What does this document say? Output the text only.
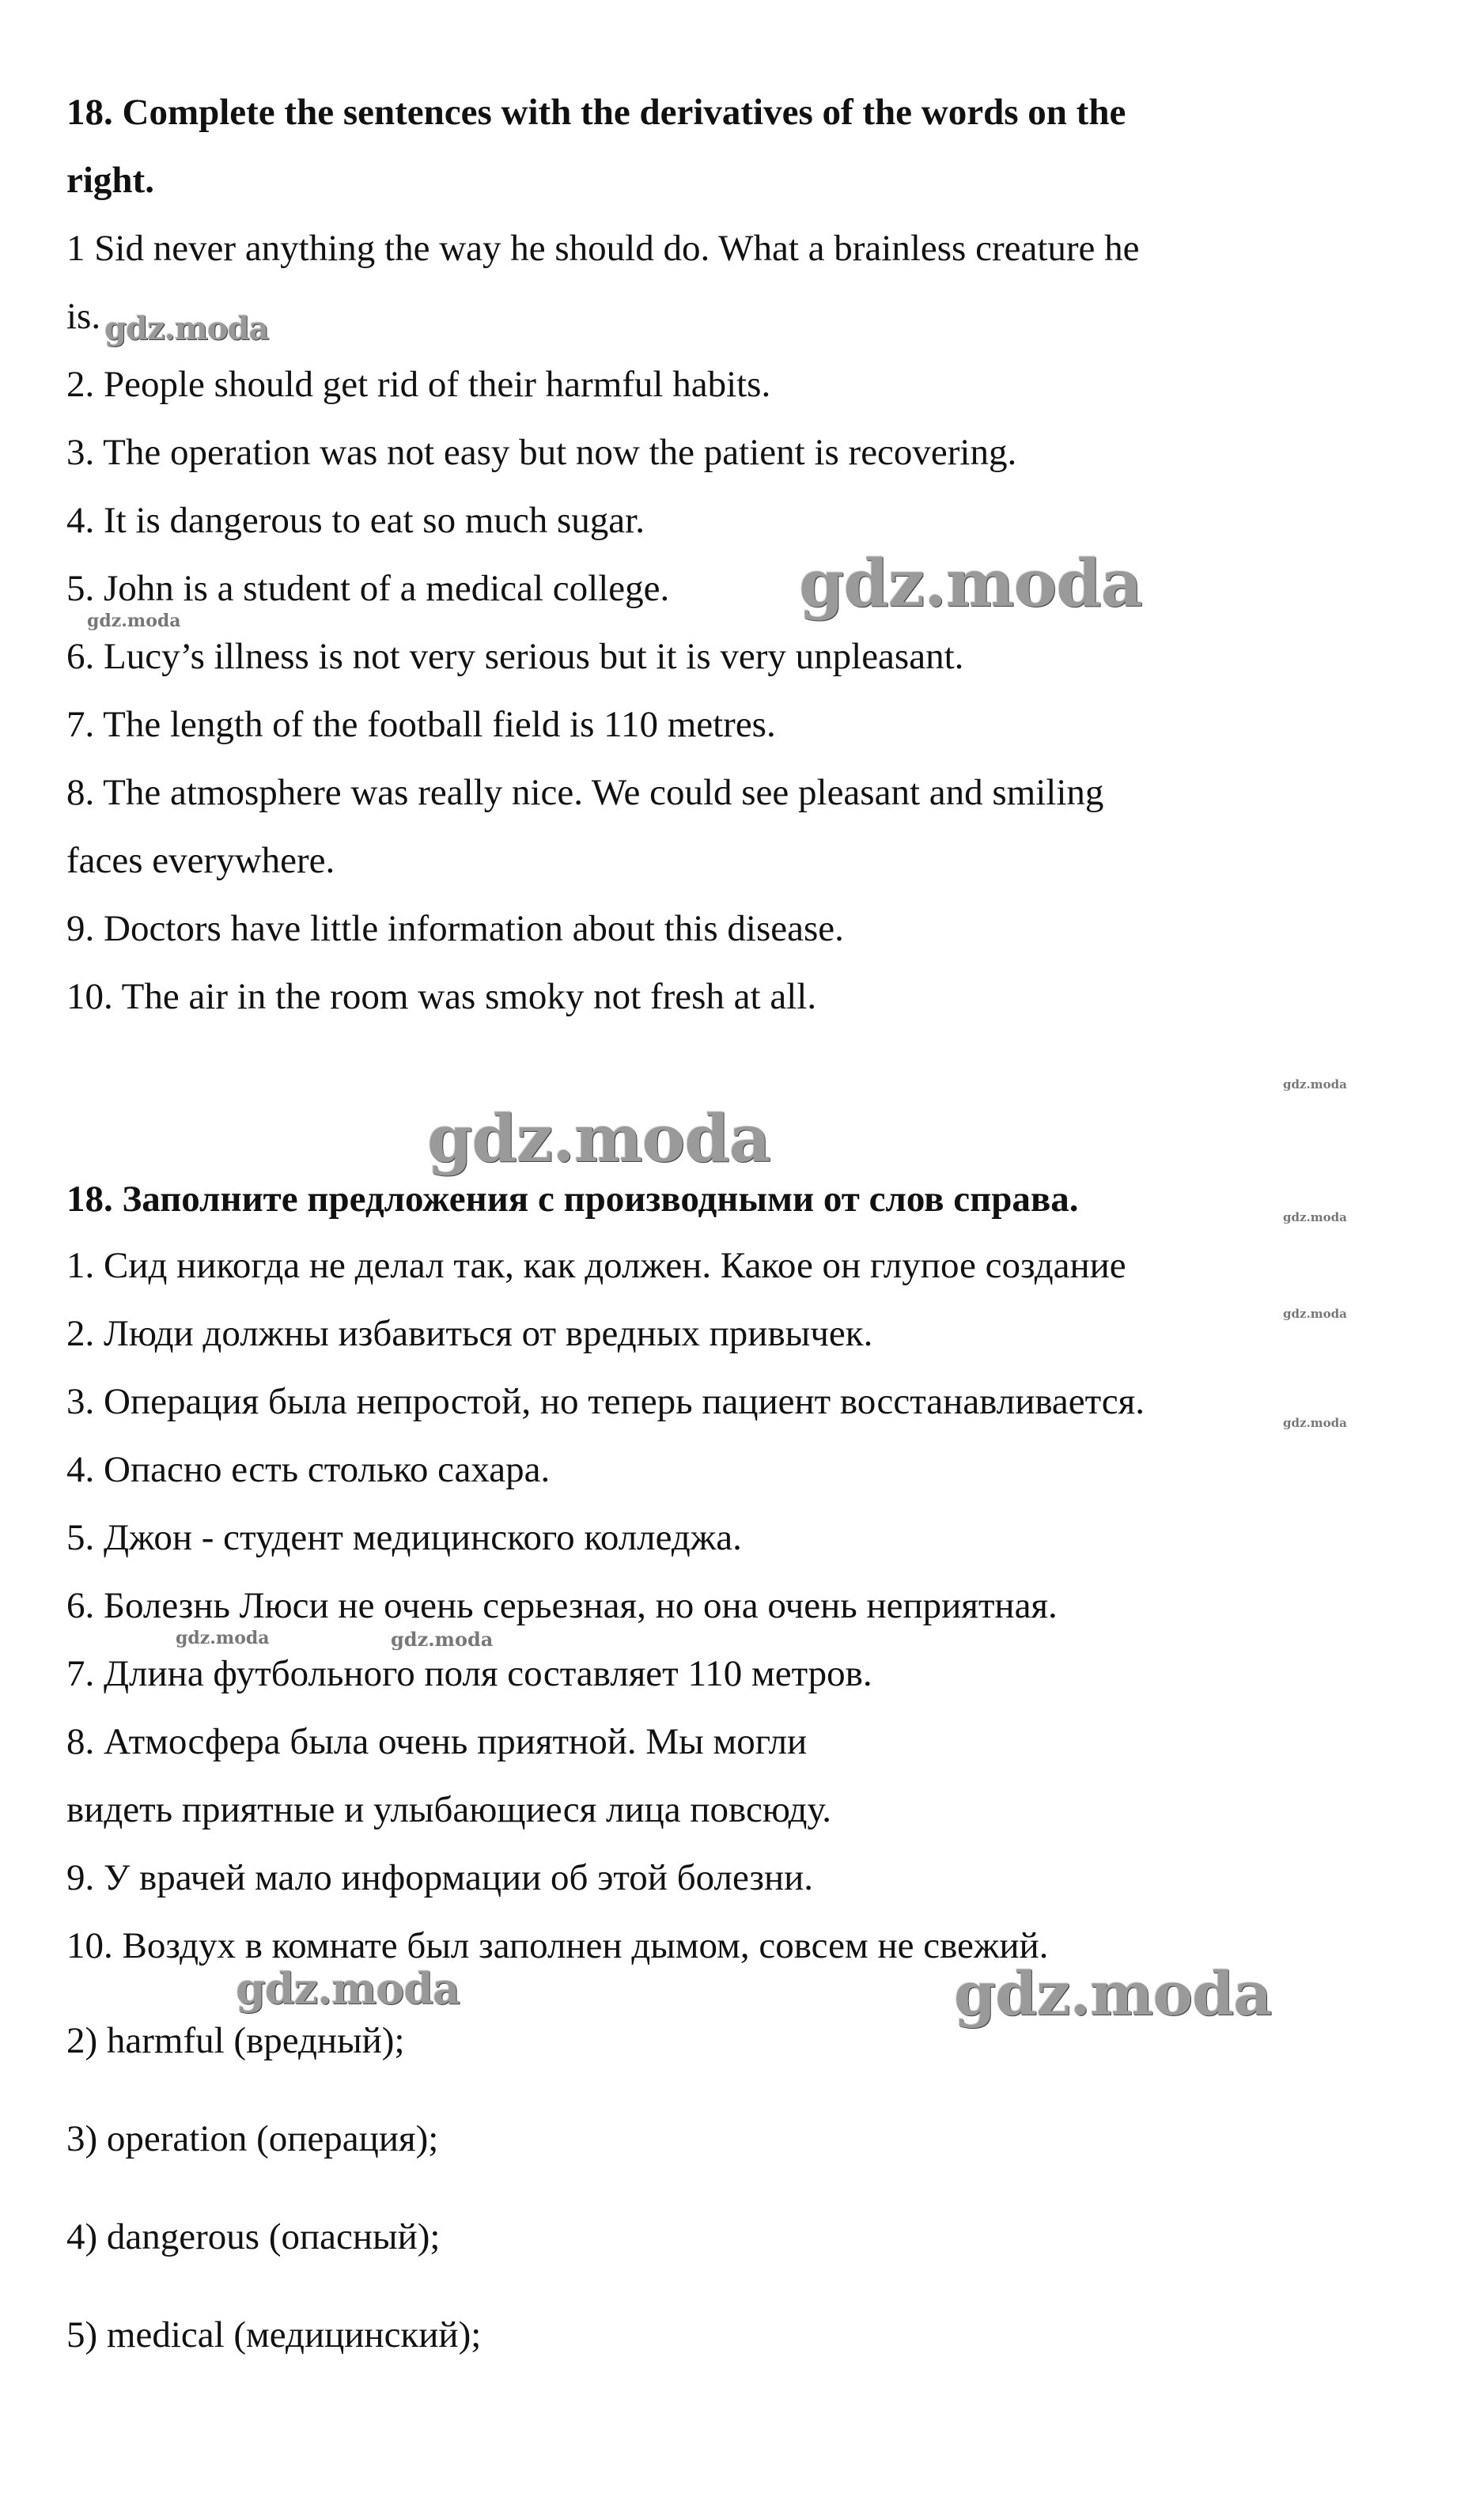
18. Complete the sentences with the derivatives of the words on the

right.

1 Sid never anything the way he should do. What a brainless creature he

is.

2. People should get rid of their harmful habits.

3. The operation was not easy but now the patient is recovering.

4. It is dangerous to eat so much sugar.

5. John is a student of a medical college.

6. Lucy’s illness is not very serious but it is very unpleasant.

7. The length of the football field is 110 metres.

8. The atmosphere was really nice. We could see pleasant and smiling

faces everywhere.

9. Doctors have little information about this disease.

10. The air in the room was smoky not fresh at all.

18. Заполните предложения с производными от слов справа.

1. Сид никогда не делал так, как должен. Какое он глупое создание

2. Люди должны избавиться от вредных привычек.

3. Операция была непростой, но теперь пациент восстанавливается.

4. Опасно есть столько сахара.

5. Джон - студент медицинского колледжа.

6. Болезнь Люси не очень серьезная, но она очень неприятная.

7. Длина футбольного поля составляет 110 метров.

8. Атмосфера была очень приятной. Мы могли

видеть приятные и улыбающиеся лица повсюду.

9. У врачей мало информации об этой болезни.

10. Воздух в комнате был заполнен дымом, совсем не свежий.

2) harmful (вредный);

3) operation (операция);

4) dangerous (опасный);

5) medical (медицинский);

gdz.moda
gdz.moda
gdz.moda
gdz.moda
gdz.moda
gdz.moda
gdz.moda
gdz.moda
gdz.moda	gdz.moda
gdz.moda	gdz.moda
